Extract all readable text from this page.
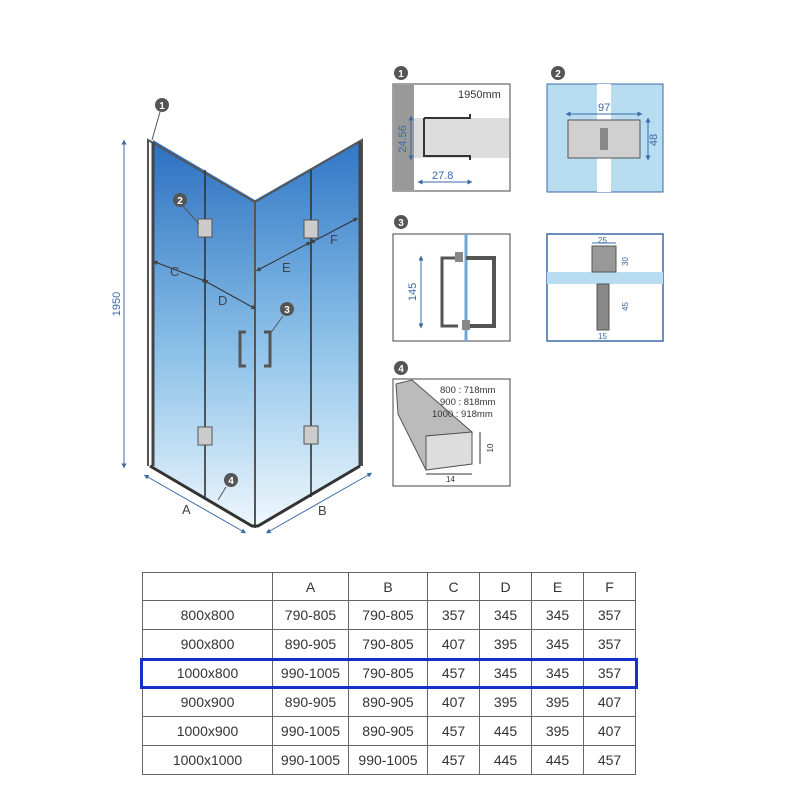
1950
A	B
C
D
E
F
1
2
3
4
1
1950mm
24.56
27.8
2
97
48
3
145
25
30
45
15
4
800 : 718mm
900 : 818mm
1000 : 918mm
10
14
	A	B	C	D	E	F
800x800	790-805	790-805	357	345	345	357
900x800	890-905	790-805	407	395	345	357
1000x800	990-1005	790-805	457	345	345	357
900x900	890-905	890-905	407	395	395	407
1000x900	990-1005	890-905	457	445	395	407
1000x1000	990-1005	990-1005	457	445	445	457
